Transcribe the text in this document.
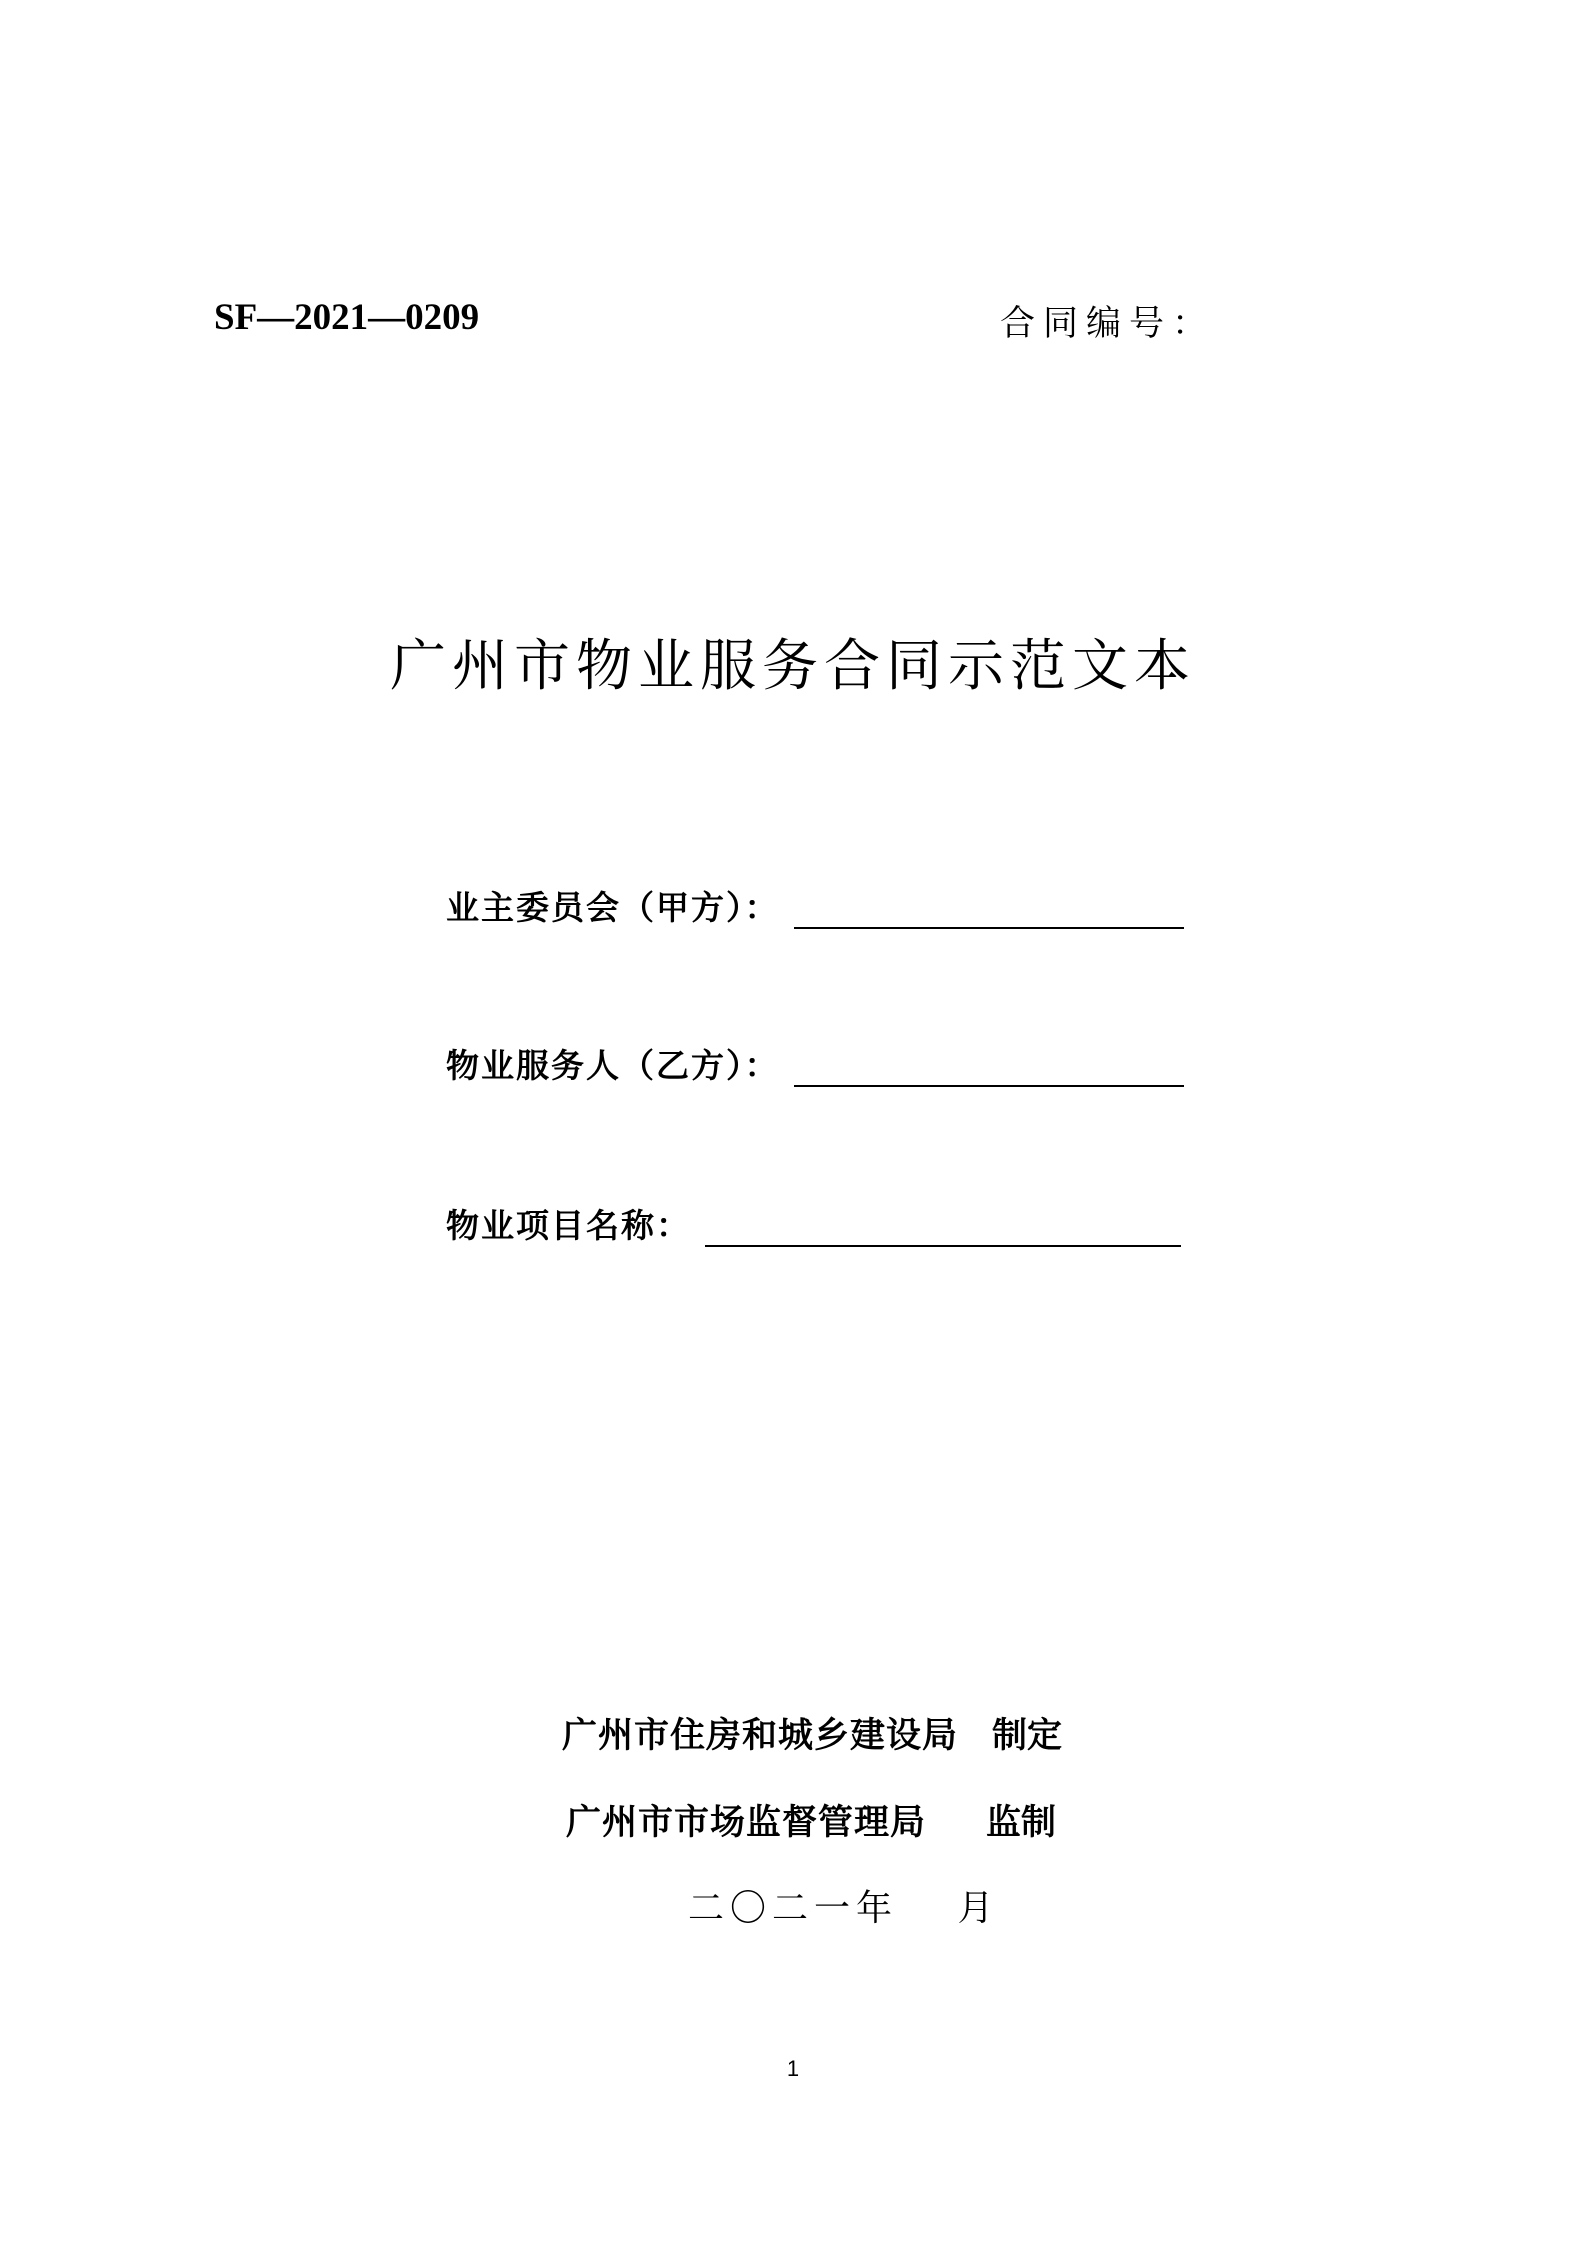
SF—2021—0209	合同编号：
广州市物业服务合同示范文本
业主委员会（甲方）：
物业服务人（乙方）：
物业项目名称：
广州市住房和城乡建设局 制定
广州市市场监督管理局 监制
二〇二一年　 月
1
